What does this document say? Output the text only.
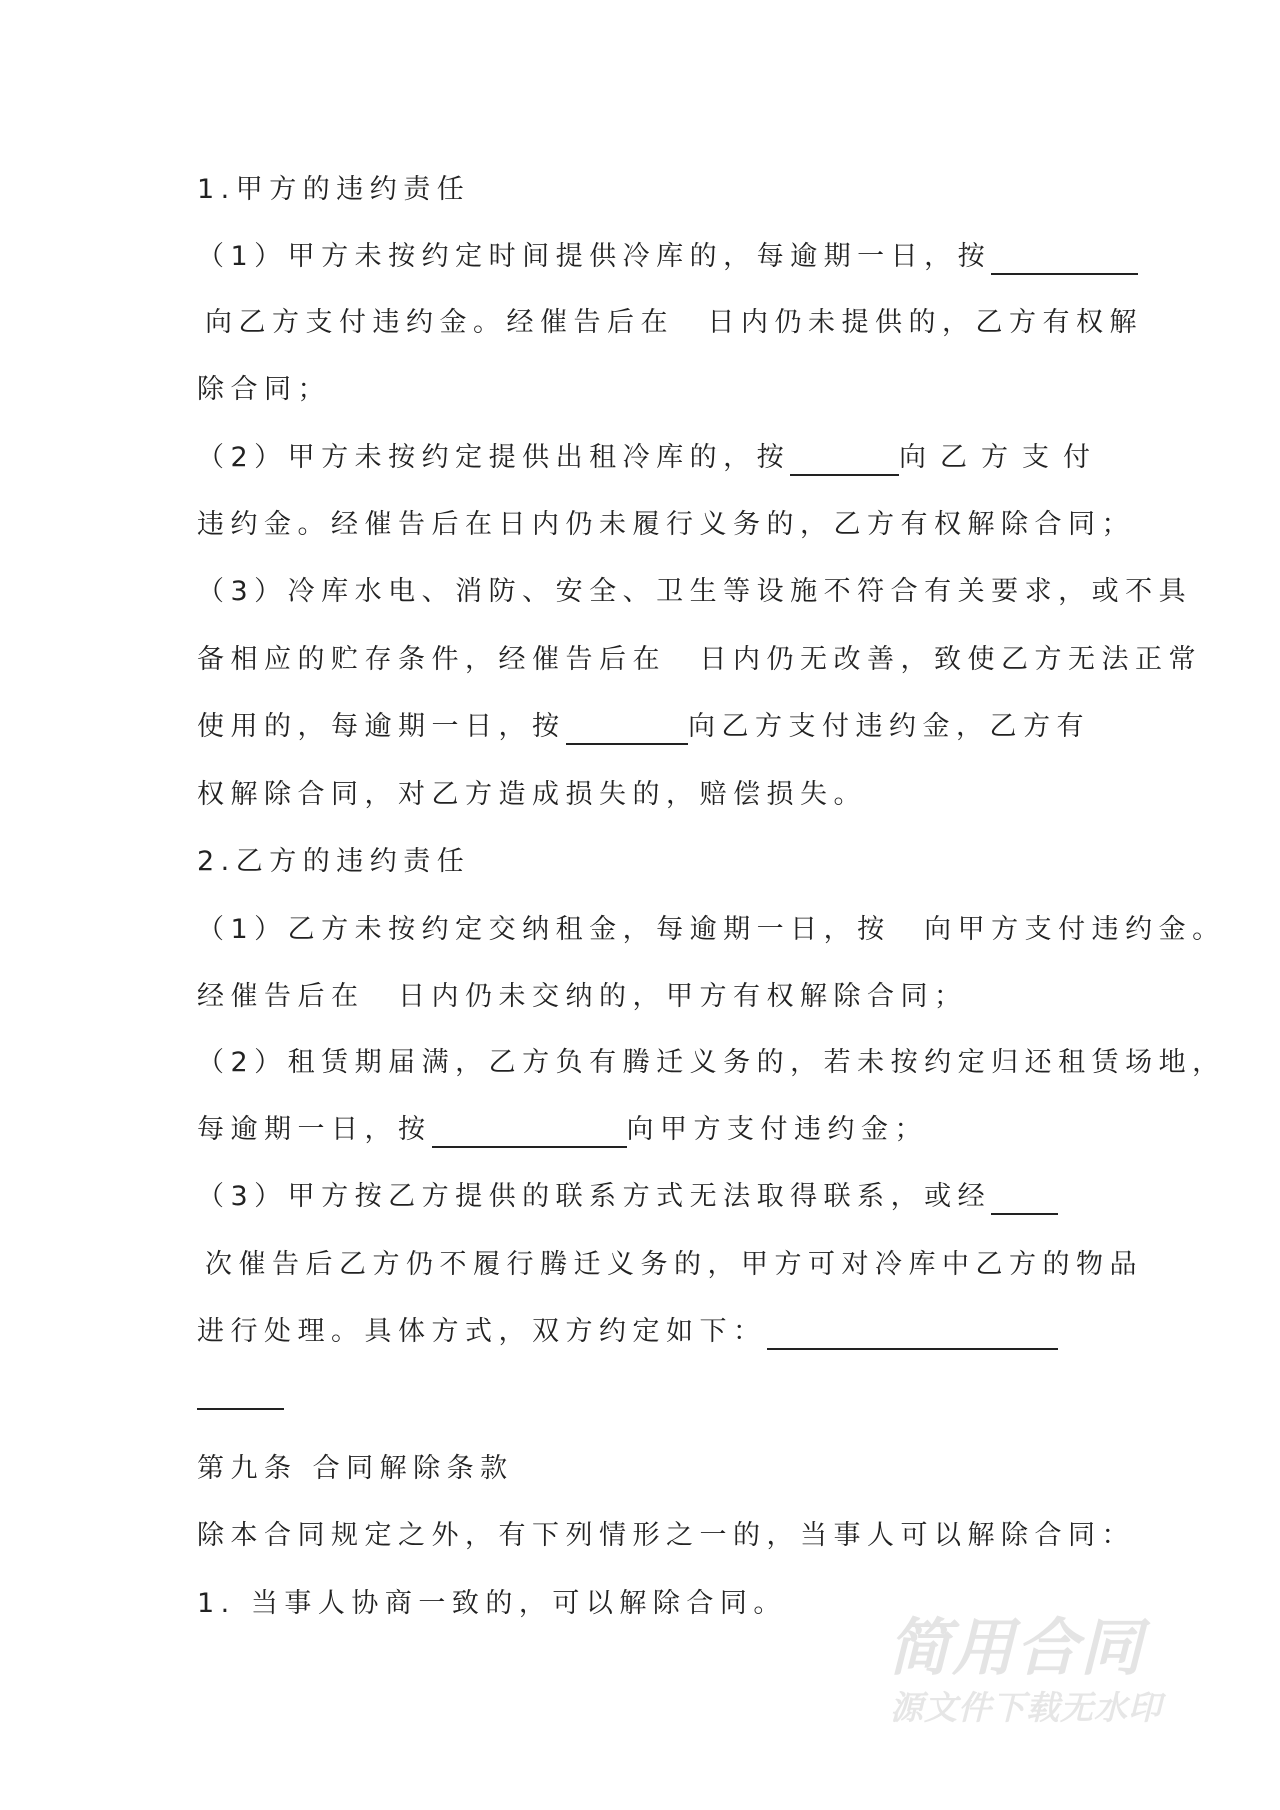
1.甲方的违约责任
（1）甲方未按约定时间提供冷库的，每逾期一日，按
向乙方支付违约金。经催告后在　日内仍未提供的，乙方有权解
除合同；
（2）甲方未按约定提供出租冷库的，按	向乙方支付
违约金。经催告后在日内仍未履行义务的，乙方有权解除合同；
（3）冷库水电、消防、安全、卫生等设施不符合有关要求，或不具
备相应的贮存条件，经催告后在　日内仍无改善，致使乙方无法正常
使用的，每逾期一日，按	向乙方支付违约金，乙方有
权解除合同，对乙方造成损失的，赔偿损失。
2.乙方的违约责任
（1）乙方未按约定交纳租金，每逾期一日，按　向甲方支付违约金。
经催告后在　日内仍未交纳的，甲方有权解除合同；
（2）租赁期届满，乙方负有腾迁义务的，若未按约定归还租赁场地，
每逾期一日，按	向甲方支付违约金；
（3）甲方按乙方提供的联系方式无法取得联系，或经
次催告后乙方仍不履行腾迁义务的，甲方可对冷库中乙方的物品
进行处理。具体方式，双方约定如下：
第九条 合同解除条款
除本合同规定之外，有下列情形之一的，当事人可以解除合同：
1. 当事人协商一致的，可以解除合同。
简用合同
源文件下载无水印
